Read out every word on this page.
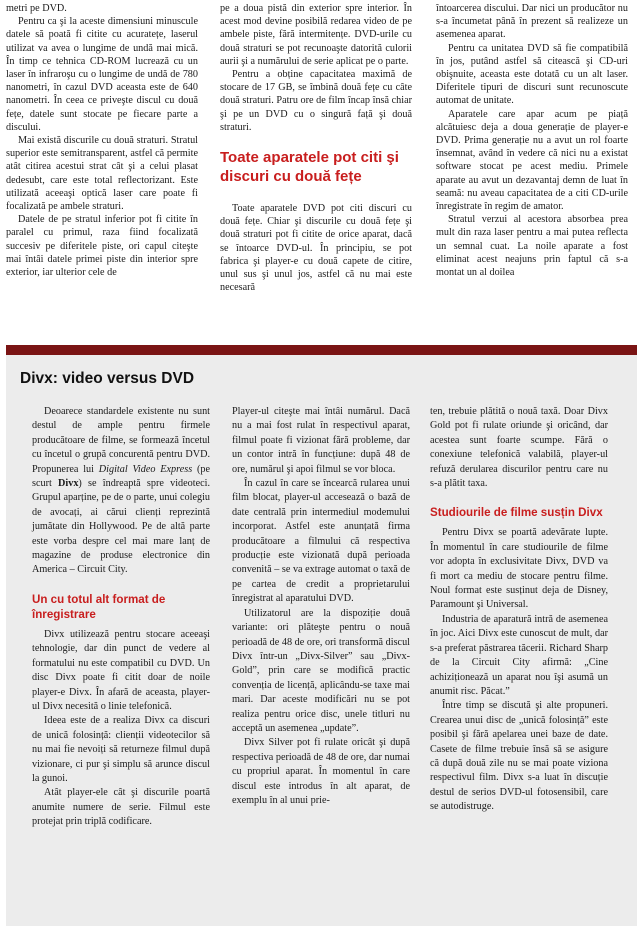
metri pe DVD.

Pentru ca şi la aceste dimensiuni minuscule datele să poată fi citite cu acuratețe, laserul utilizat va avea o lungime de undă mai mică. În timp ce tehnica CD-ROM lucrează cu un laser în infraroşu cu o lungime de undă de 780 nanometri, în cazul DVD aceasta este de 640 nanometri. În ceea ce priveşte discul cu două fețe, datele sunt stocate pe fiecare parte a discului.

Mai există discurile cu două straturi. Stratul superior este semitransparent, astfel că permite atât citirea acestui strat cât şi a celui plasat dedesubt, care este total reflectorizant. Este utilizată aceeaşi optică laser care poate fi focalizată pe ambele straturi.

Datele de pe stratul inferior pot fi citite în paralel cu primul, raza fiind focalizată succesiv pe diferitele piste, ori capul citeşte mai întâi datele primei piste din interior spre exterior, iar ulterior cele de

pe a doua pistă din exterior spre interior. În acest mod devine posibilă redarea video de pe ambele piste, fără intermitențe. DVD-urile cu două straturi se pot recunoaşte datorită culorii aurii şi a numărului de serie aplicat pe o parte.

Pentru a obține capacitatea maximă de stocare de 17 GB, se îmbină două fețe cu câte două straturi. Patru ore de film încap însă chiar şi pe un DVD cu o singură față şi două straturi.

Toate aparatele pot citi şi discuri cu două fețe

Toate aparatele DVD pot citi discuri cu două fețe. Chiar şi discurile cu două fețe şi două straturi pot fi citite de orice aparat, dacă se întoarce DVD-ul. În principiu, se pot fabrica şi player-e cu două capete de citire, unul sus şi unul jos, astfel că nu mai este necesară

întoarcerea discului. Dar nici un producător nu s-a încumetat până în prezent să realizeze un asemenea aparat.

Pentru ca unitatea DVD să fie compatibilă în jos, putând astfel să citească şi CD-uri obişnuite, aceasta este dotată cu un alt laser. Diferitele tipuri de discuri sunt recunoscute automat de unitate.

Aparatele care apar acum pe piață alcătuiesc deja a doua generație de player-e DVD. Prima generație nu a avut un rol foarte însemnat, având în vedere că nici nu a existat software stocat pe acest mediu. Primele aparate au avut un dezavantaj demn de luat în seamă: nu aveau capacitatea de a citi CD-urile înregistrate în regim de amator.

Stratul verzui al acestora absorbea prea mult din raza laser pentru a mai putea reflecta un semnal cuat. La noile aparate a fost eliminat acest neajuns prin faptul că s-a montat un al doilea

Divx: video versus DVD

Deoarece standardele existente nu sunt destul de ample pentru firmele producătoare de filme, se formează încetul cu încetul o grupă concurentă pentru DVD. Propunerea lui Digital Video Express (pe scurt Divx) se îndreaptă spre videoteci. Grupul aparține, pe de o parte, unui colegiu de avocați, ai cărui clienți reprezintă jumătate din Hollywood. Pe de altă parte este vorba despre cel mai mare lanț de magazine de produse electronice din America – Circuit City.

Un cu totul alt format de înregistrare

Divx utilizează pentru stocare aceeaşi tehnologie, dar din punct de vedere al formatului nu este compatibil cu DVD. Un disc Divx poate fi citit doar de noile player-e Divx. În afară de aceasta, player-ul Divx necesită o linie telefonică.

Ideea este de a realiza Divx ca discuri de unică folosință: clienții videotecilor să nu mai fie nevoiți să returneze filmul după vizionare, ci pur şi simplu să arunce discul la gunoi.

Atât player-ele cât şi discurile poartă anumite numere de serie. Filmul este protejat prin triplă codificare.

Player-ul citeşte mai întâi numărul. Dacă nu a mai fost rulat în respectivul aparat, filmul poate fi vizionat fără probleme, dar un contor intră în funcțiune: după 48 de ore, numărul şi apoi filmul se vor bloca.

În cazul în care se încearcă rularea unui film blocat, player-ul accesează o bază de date centrală prin intermediul modemului incorporat. Astfel este anunțată firma producătoare a filmului că respectiva producție este vizionată după perioada convenită – se va extrage automat o taxă de pe cartea de credit a proprietarului înregistrat al aparatului DVD.

Utilizatorul are la dispoziție două variante: ori plăteşte pentru o nouă perioadă de 48 de ore, ori transformă discul Divx într-un „Divx-Silver” sau „Divx-Gold”, prin care se modifică practic convenția de licență, aplicându-se taxe mai mari. Dar aceste modificări nu se pot realiza pentru orice disc, unele titluri nu acceptă un asemenea „update”.

Divx Silver pot fi rulate oricât şi după respectiva perioadă de 48 de ore, dar numai cu propriul aparat. În momentul în care discul este introdus în alt aparat, de exemplu în al unui prie-

ten, trebuie plătită o nouă taxă. Doar Divx Gold pot fi rulate oriunde şi oricând, dar acestea sunt foarte scumpe. Fără o conexiune telefonică valabilă, player-ul refuză derularea discurilor pentru care nu s-a plătit taxa.

Studiourile de filme susțin Divx

Pentru Divx se poartă adevărate lupte. În momentul în care studiourile de filme vor adopta în exclusivitate Divx, DVD va fi mort ca mediu de stocare pentru filme. Noul format este susținut deja de Disney, Paramount şi Universal.

Industria de aparatură intră de asemenea în joc. Aici Divx este cunoscut de mult, dar s-a preferat păstrarea tăcerii. Richard Sharp de la Circuit City afirmă: „Cine achiziționează un aparat nou îşi asumă un anumit risc. Păcat.”

Între timp se discută şi alte propuneri. Crearea unui disc de „unică folosință” este posibil şi fără apelarea unei baze de date. Casete de filme trebuie însă să se asigure că după două zile nu se mai poate viziona respectivul film. Divx s-a luat în discuție destul de serios DVD-ul fotosensibil, care se autodistruge.
